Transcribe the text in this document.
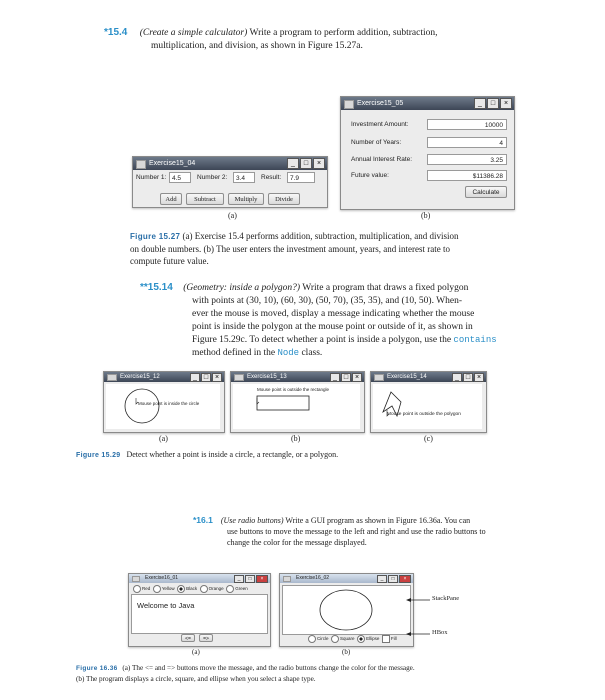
*15.4 (Create a simple calculator) Write a program to perform addition, subtraction,
multiplication, and division, as shown in Figure 15.27a.
Exercise15_05	_	□	×
Investment Amount:	10000
Number of Years:	4
Annual Interest Rate:	3.25
Future value:	$11386.28
Calculate
Exercise15_04	_	□	×
Number 1: 4.5	Number 2:	3.4	Result:	7.9
Add	Subtract	Multiply	Divide
(a)	(b)
Figure 15.27 (a) Exercise 15.4 performs addition, subtraction, multiplication, and division
on double numbers. (b) The user enters the investment amount, years, and interest rate to
compute future value.
**15.14 (Geometry: inside a polygon?) Write a program that draws a fixed polygon
with points at (30, 10), (60, 30), (50, 70), (35, 35), and (10, 50). When-
ever the mouse is moved, display a message indicating whether the mouse
point is inside the polygon at the mouse point or outside of it, as shown in
Figure 15.29c. To detect whether a point is inside a polygon, use the contains
method defined in the Node class.
Exercise15_12	_ □ ×
Mouse point is inside the circle
Exercise15_13	_ □ ×
Mouse point is outside the rectangle
Exercise15_14	_ □ ×
Mouse point is outside the polygon
(a)	(b)	(c)
Figure 15.29 Detect whether a point is inside a circle, a rectangle, or a polygon.
*16.1 (Use radio buttons) Write a GUI program as shown in Figure 16.36a. You can
use buttons to move the message to the left and right and use the radio buttons to
change the color for the message displayed.
Exercise16_01	_	□	×
Red	Yellow	Black	Orange	Green
Welcome to Java
<=	=>
Exercise16_02	_	□	×
Circle	Square	Ellipse	Fill
StackPane
HBox
(a)	(b)
Figure 16.36 (a) The <= and => buttons move the message, and the radio buttons change the color for the message.
(b) The program displays a circle, square, and ellipse when you select a shape type.
